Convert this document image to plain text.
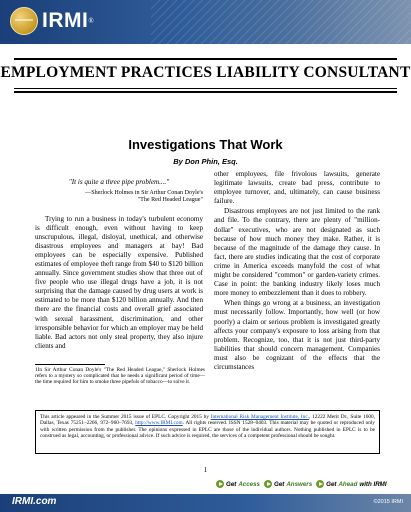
IRMI ®
EMPLOYMENT PRACTICES LIABILITY CONSULTANT
Investigations That Work
By Don Phin, Esq.
"It is quite a three pipe problem...."
—Sherlock Holmes in Sir Arthur Conan Doyle's
"The Red Headed League"

Trying to run a business in today's turbulent economy is difficult enough, even without having to keep unscrupulous, illegal, disloyal, unethical, and otherwise disastrous employees and managers at bay! Bad employees can be especially expensive. Published estimates of employee theft range from $40 to $120 billion annually. Since government studies show that three out of five people who use illegal drugs have a job, it is not surprising that the damage caused by drug users at work is estimated to be more than $120 billion annually. And then there are the financial costs and overall grief associated with sexual harassment, discrimination, and other irresponsible behavior for which an employer may be held liable. Bad actors not only steal property, they also injure clients and

1In Sir Arthur Conan Doyle's "The Red Headed League," Sherlock Holmes refers to a mystery so complicated that he needs a significant period of time—the time required for him to smoke three pipefuls of tobacco—to solve it.

other employees, file frivolous lawsuits, generate legitimate lawsuits, create bad press, contribute to employee turnover, and, ultimately, can cause business failure.

Disastrous employees are not just limited to the rank and file. To the contrary, there are plenty of "million-dollar" executives, who are not designated as such because of how much money they make. Rather, it is because of the magnitude of the damage they cause. In fact, there are studies indicating that the cost of corporate crime in America exceeds manyfold the cost of what might be considered "common" or garden-variety crimes. Case in point: the banking industry likely loses much more money to embezzlement than it does to robbery.

When things go wrong at a business, an investigation must necessarily follow. Importantly, how well (or how poorly) a claim or serious problem is investigated greatly affects your company's exposure to loss arising from that problem. Recognize, too, that it is not just third-party liabilities that should concern management. Companies must also be cognizant of the effects that the circumstances

This article appeared in the Summer 2015 issue of EPLC. Copyright 2015 by International Risk Management Institute, Inc., 12222 Merit Dr., Suite 1600, Dallas, Texas 75251–2266, 972–960–7693, http://www.IRMI.com. All rights reserved. ISSN 1528–0403. This material may be quoted or reproduced only with written permission from the publisher. The opinions expressed in EPLC are those of the individual authors. Nothing published in EPLC is to be construed as legal, accounting, or professional advice. If such advice is required, the services of a competent professional should be sought.
1
Get Access Get Answers Get Ahead with IRMI
IRMI.com	©2015 IRMI
